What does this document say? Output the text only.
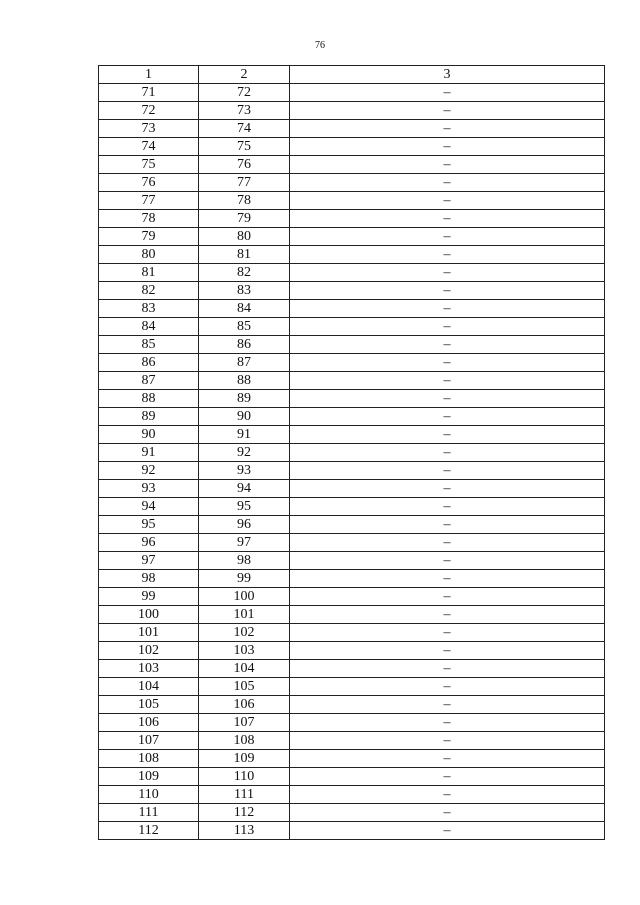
76
1	2	3
71	72	–
72	73	–
73	74	–
74	75	–
75	76	–
76	77	–
77	78	–
78	79	–
79	80	–
80	81	–
81	82	–
82	83	–
83	84	–
84	85	–
85	86	–
86	87	–
87	88	–
88	89	–
89	90	–
90	91	–
91	92	–
92	93	–
93	94	–
94	95	–
95	96	–
96	97	–
97	98	–
98	99	–
99	100	–
100	101	–
101	102	–
102	103	–
103	104	–
104	105	–
105	106	–
106	107	–
107	108	–
108	109	–
109	110	–
110	111	–
111	112	–
112	113	–
